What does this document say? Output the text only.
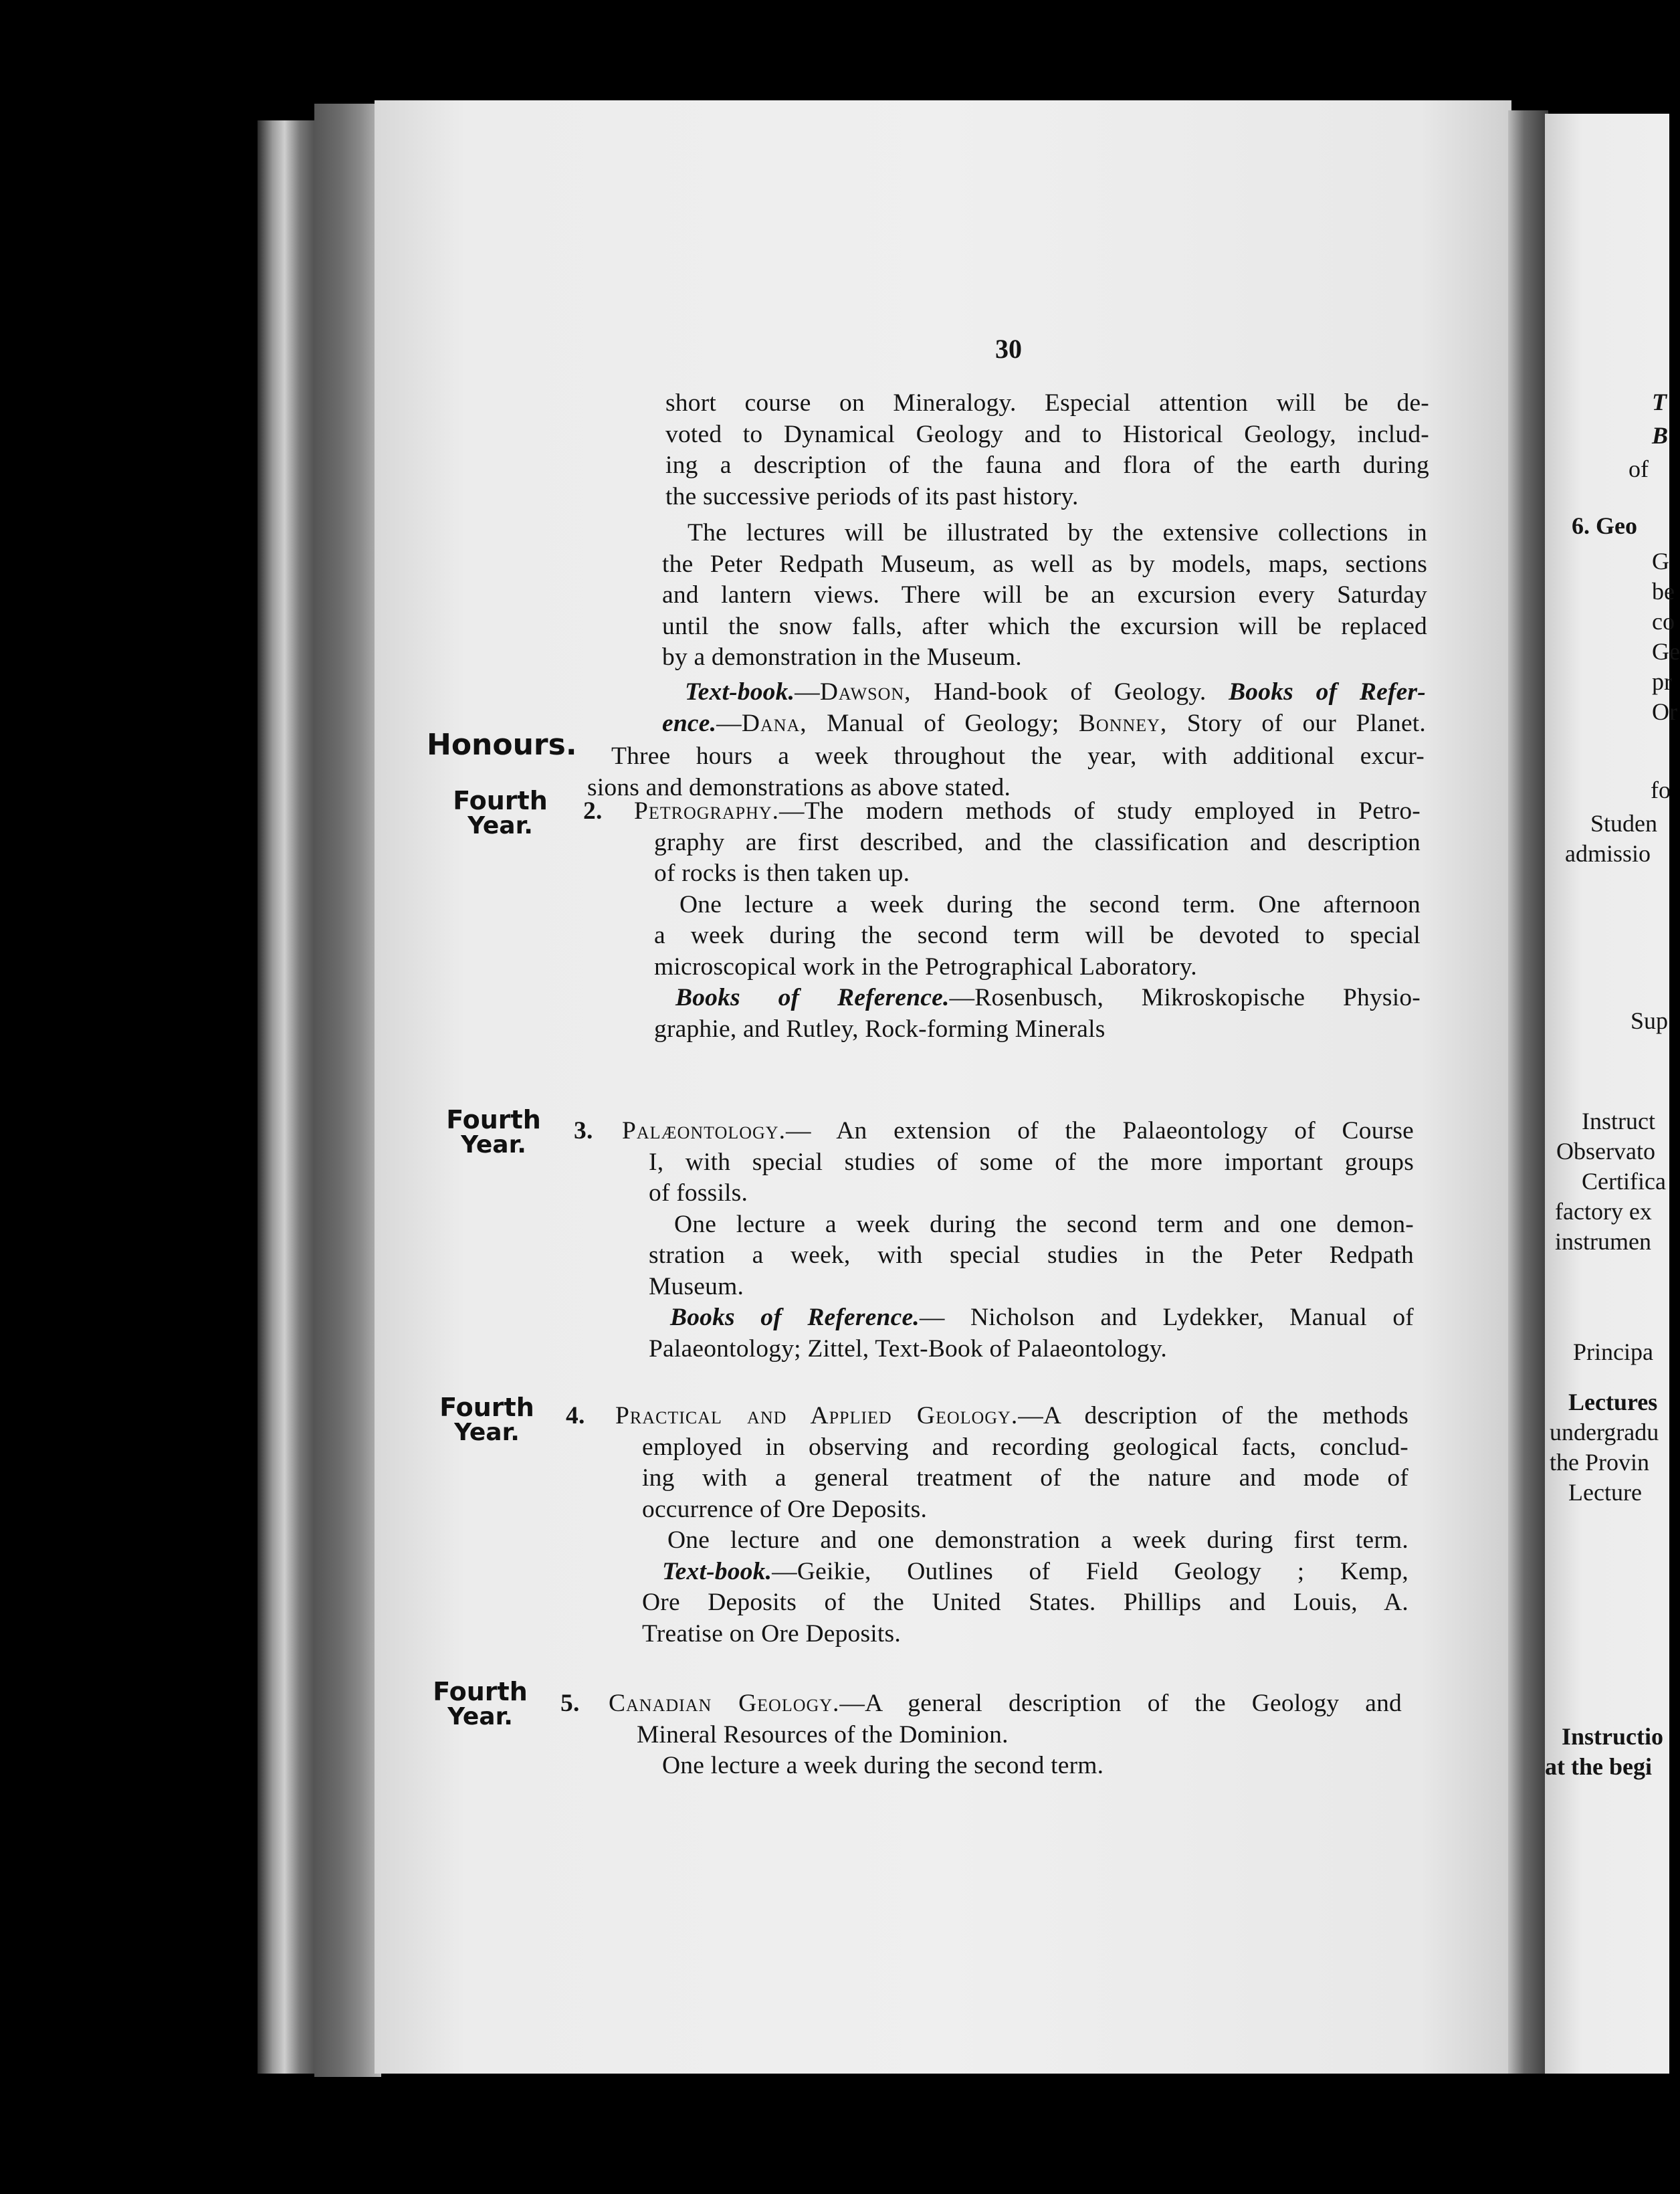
T
B
of
6. Geo
G
be
co
Ge
pr
Or
fo
Studen
admissio
Sup
Instruct
Observato
Certifica
factory ex
instrumen
Principa
Lectures
undergradu
the Provin
Lecture
Instructio
at the begi
30
short course on Mineralogy. Especial attention will be de-
voted to Dynamical Geology and to Historical Geology, includ-
ing a description of the fauna and flora of the earth during
the successive periods of its past history.
The lectures will be illustrated by the extensive collections in
the Peter Redpath Museum, as well as by models, maps, sections
and lantern views. There will be an excursion every Saturday
until the snow falls, after which the excursion will be replaced
by a demonstration in the Museum.
Text-book.—Dawson, Hand-book of Geology. Books of Refer-
ence.—Dana, Manual of Geology; Bonney, Story of our Planet.
Three hours a week throughout the year, with additional excur-
sions and demonstrations as above stated.
Honours.
Fourth
Year.
2. Petrography.—The modern methods of study employed in Petro-
graphy are first described, and the classification and description
of rocks is then taken up.
One lecture a week during the second term. One afternoon
a week during the second term will be devoted to special
microscopical work in the Petrographical Laboratory.
Books of Reference.—Rosenbusch, Mikroskopische Physio-
graphie, and Rutley, Rock-forming Minerals
Fourth
Year.
3. Palæontology.— An extension of the Palaeontology of Course
I, with special studies of some of the more important groups
of fossils.
One lecture a week during the second term and one demon-
stration a week, with special studies in the Peter Redpath
Museum.
Books of Reference.— Nicholson and Lydekker, Manual of
Palaeontology; Zittel, Text-Book of Palaeontology.
Fourth
Year.
4. Practical and Applied Geology.—A description of the methods
employed in observing and recording geological facts, conclud-
ing with a general treatment of the nature and mode of
occurrence of Ore Deposits.
One lecture and one demonstration a week during first term.
Text-book.—Geikie, Outlines of Field Geology ; Kemp,
Ore Deposits of the United States. Phillips and Louis, A.
Treatise on Ore Deposits.
Fourth
Year.	5. Canadian Geology.—A general description of the Geology and
Mineral Resources of the Dominion.
One lecture a week during the second term.
